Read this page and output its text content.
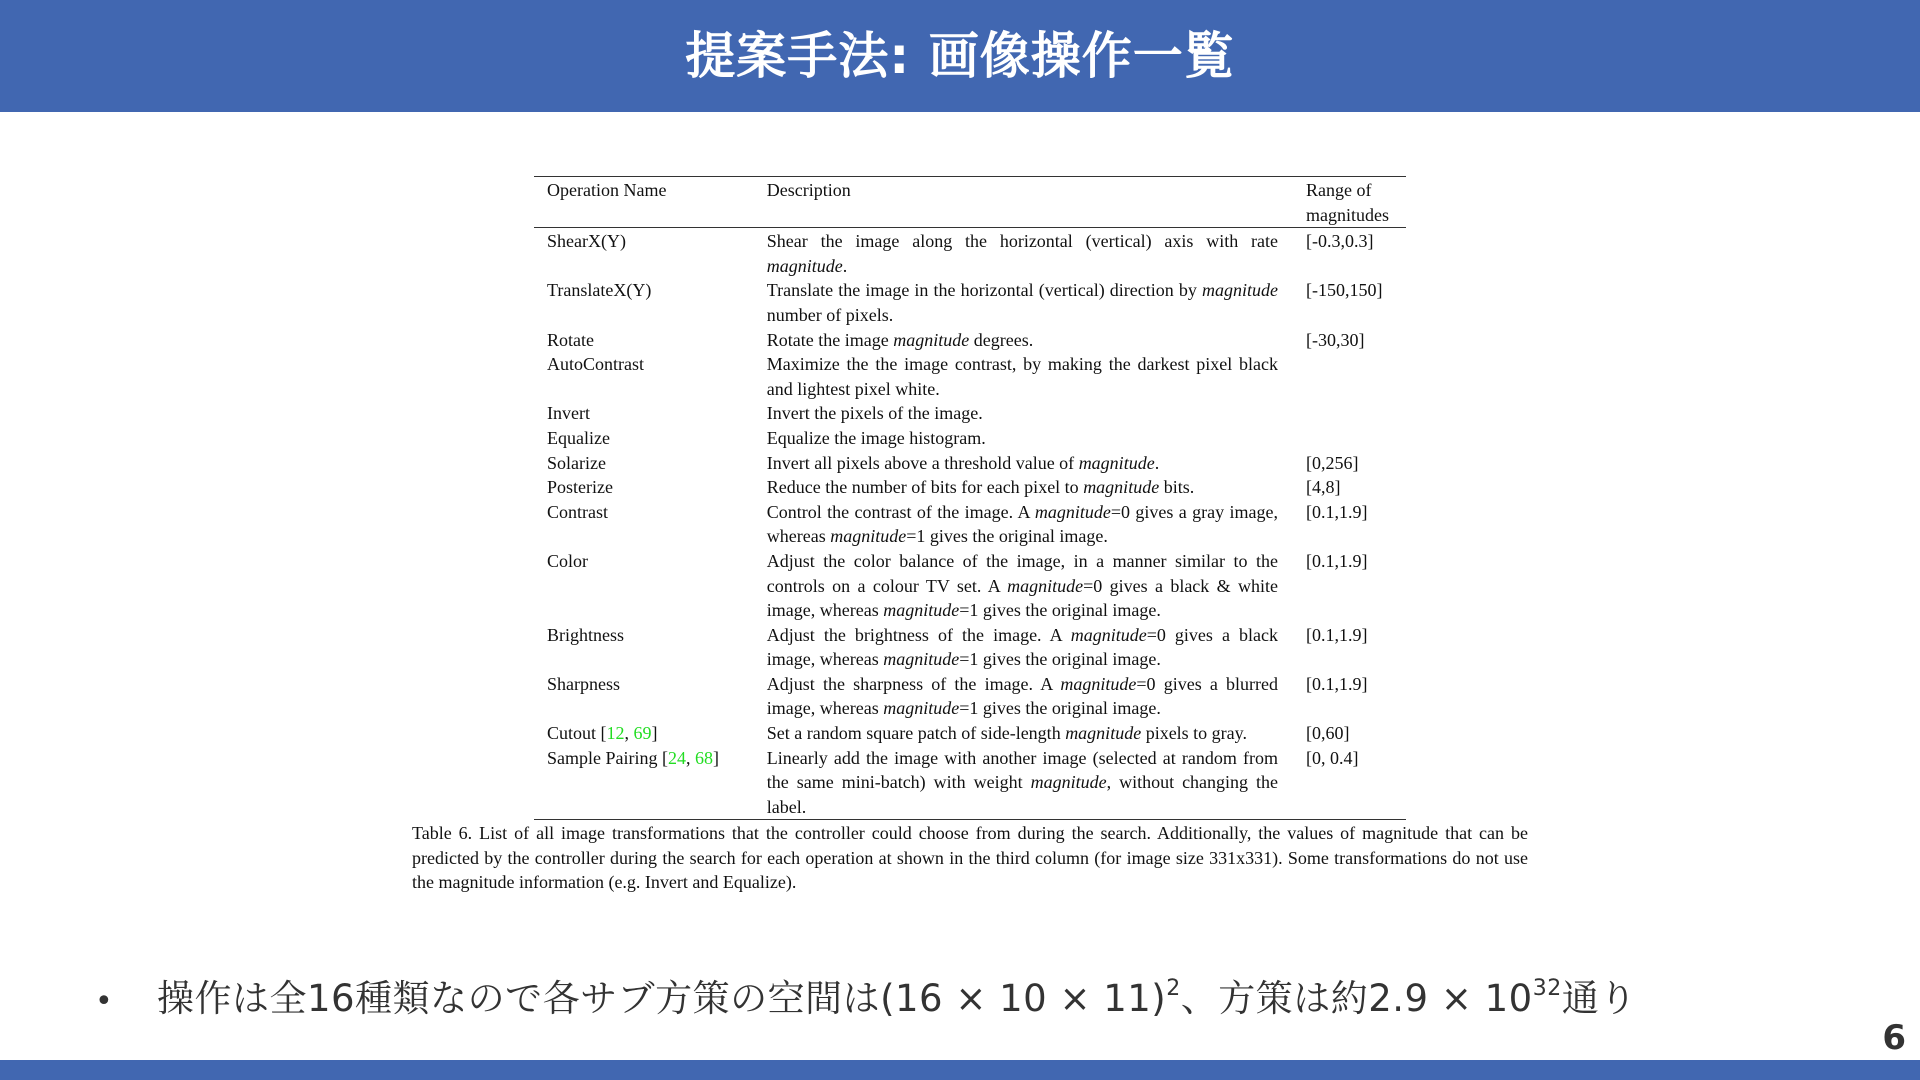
提案手法: 画像操作一覧
Operation Name	Description	Range of magnitudes
ShearX(Y)	Shear the image along the horizontal (vertical) axis with rate magnitude.	[-0.3,0.3]
TranslateX(Y)	Translate the image in the horizontal (vertical) direction by magnitude number of pixels.	[-150,150]
Rotate	Rotate the image magnitude degrees.	[-30,30]
AutoContrast	Maximize the the image contrast, by making the darkest pixel black and lightest pixel white.	
Invert	Invert the pixels of the image.	
Equalize	Equalize the image histogram.	
Solarize	Invert all pixels above a threshold value of magnitude.	[0,256]
Posterize	Reduce the number of bits for each pixel to magnitude bits.	[4,8]
Contrast	Control the contrast of the image. A magnitude=0 gives a gray image, whereas magnitude=1 gives the original image.	[0.1,1.9]
Color	Adjust the color balance of the image, in a manner similar to the controls on a colour TV set. A magnitude=0 gives a black & white image, whereas magnitude=1 gives the original image.	[0.1,1.9]
Brightness	Adjust the brightness of the image. A magnitude=0 gives a black image, whereas magnitude=1 gives the original image.	[0.1,1.9]
Sharpness	Adjust the sharpness of the image. A magnitude=0 gives a blurred image, whereas magnitude=1 gives the original image.	[0.1,1.9]
Cutout [12, 69]	Set a random square patch of side-length magnitude pixels to gray.	[0,60]
Sample Pairing [24, 68]	Linearly add the image with another image (selected at random from the same mini-batch) with weight magnitude, without changing the label.	[0, 0.4]
Table 6. List of all image transformations that the controller could choose from during the search. Additionally, the values of magnitude that can be predicted by the controller during the search for each operation at shown in the third column (for image size 331x331). Some transformations do not use the magnitude information (e.g. Invert and Equalize).
• 操作は全16種類なので各サブ方策の空間は$(16 \times 10 \times 11)^2$、方策は約$2.9 \times 10^{32}$通り
6
